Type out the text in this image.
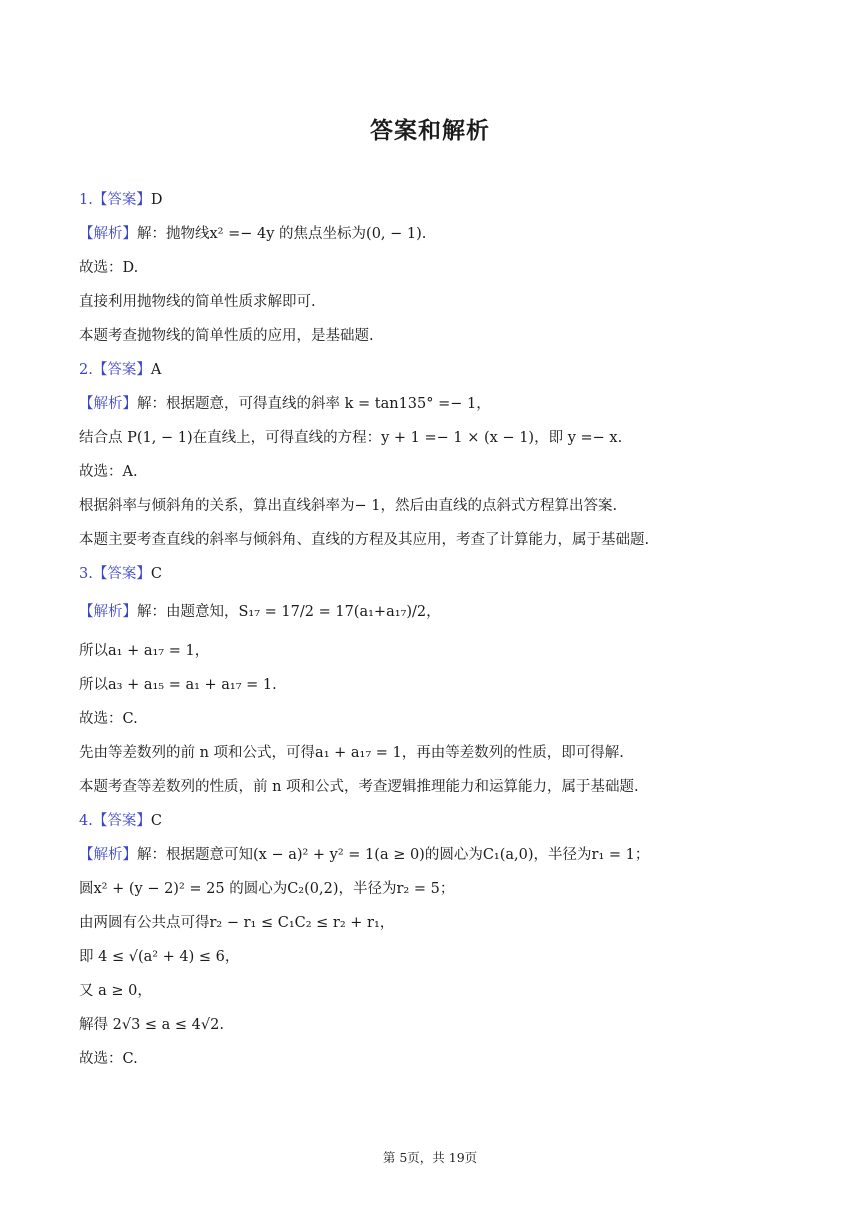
答案和解析
1.【答案】D
【解析】解：抛物线x² =− 4y 的焦点坐标为(0, − 1).
故选：D.
直接利用抛物线的简单性质求解即可.
本题考查抛物线的简单性质的应用，是基础题.
2.【答案】A
【解析】解：根据题意，可得直线的斜率 k = tan135° =− 1，
结合点 P(1, − 1)在直线上，可得直线的方程：y + 1 =− 1 × (x − 1)，即 y =− x.
故选：A.
根据斜率与倾斜角的关系，算出直线斜率为− 1，然后由直线的点斜式方程算出答案.
本题主要考查直线的斜率与倾斜角、直线的方程及其应用，考查了计算能力，属于基础题.
3.【答案】C
【解析】解：由题意知，S₁₇ = 17/2 = 17(a₁+a₁₇)/2，
所以a₁ + a₁₇ = 1，
所以a₃ + a₁₅ = a₁ + a₁₇ = 1.
故选：C.
先由等差数列的前 n 项和公式，可得a₁ + a₁₇ = 1，再由等差数列的性质，即可得解.
本题考查等差数列的性质，前 n 项和公式，考查逻辑推理能力和运算能力，属于基础题.
4.【答案】C
【解析】解：根据题意可知(x − a)² + y² = 1(a ≥ 0)的圆心为C₁(a,0)，半径为r₁ = 1；
圆x² + (y − 2)² = 25 的圆心为C₂(0,2)，半径为r₂ = 5；
由两圆有公共点可得r₂ − r₁ ≤ C₁C₂ ≤ r₂ + r₁，
即 4 ≤ √(a² + 4) ≤ 6，
又 a ≥ 0，
解得 2√3 ≤ a ≤ 4√2.
故选：C.
第 5页，共 19页
